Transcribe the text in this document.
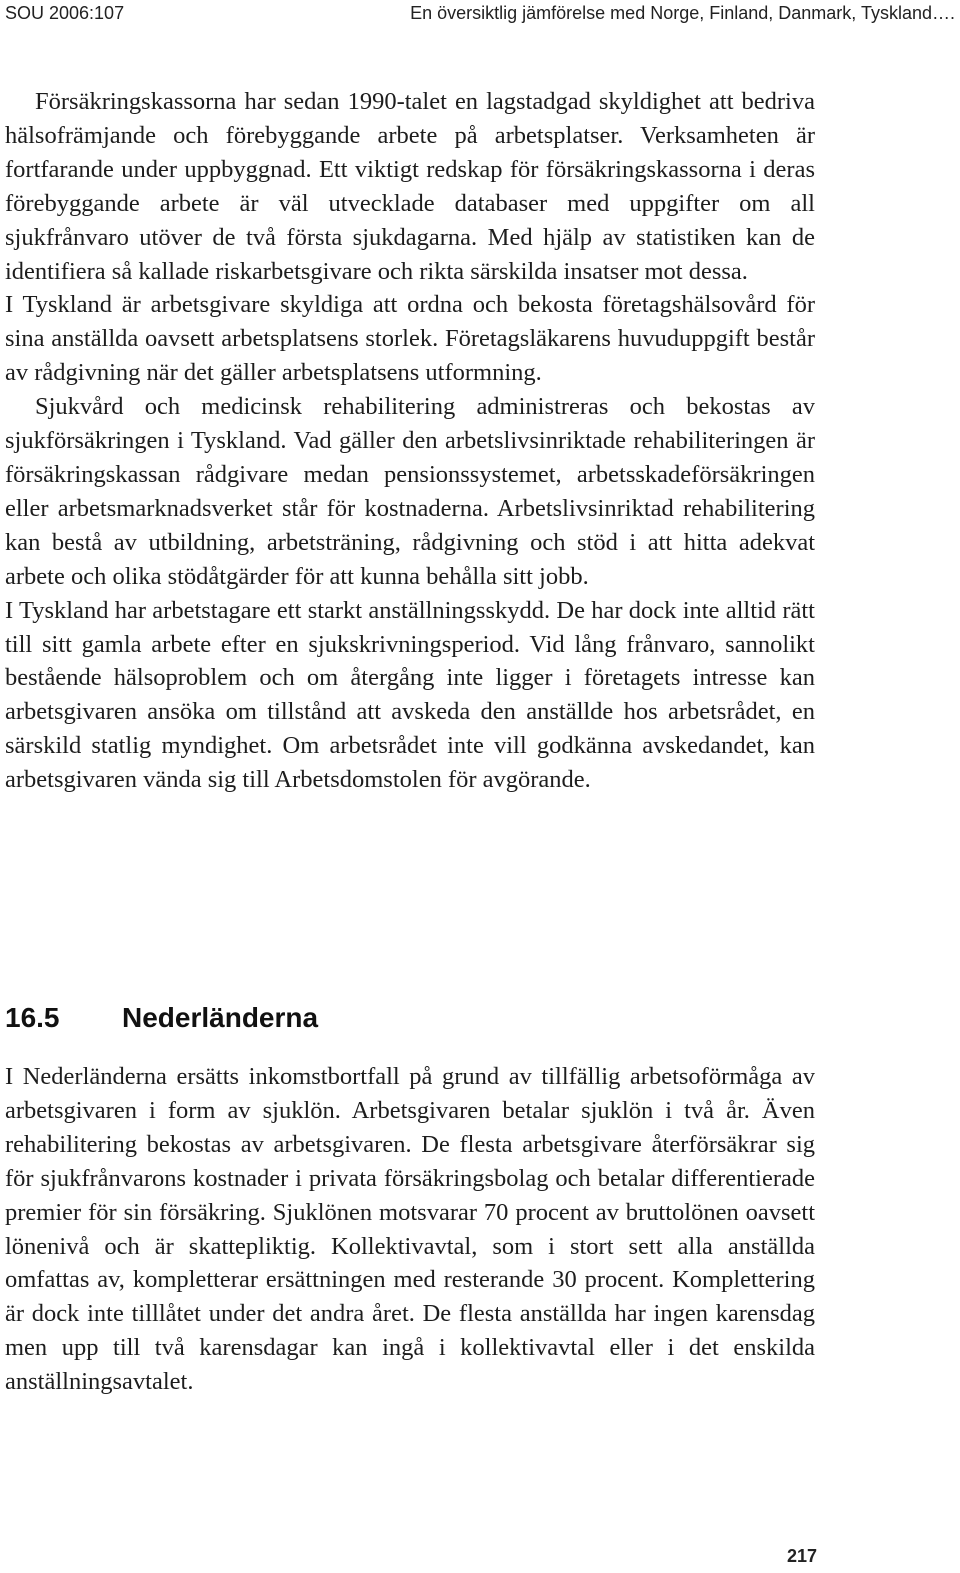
SOU 2006:107	En översiktlig jämförelse med Norge, Finland, Danmark, Tyskland….

Försäkringskassorna har sedan 1990-talet en lagstadgad skyldighet att bedriva hälsofrämjande och förebyggande arbete på arbetsplatser. Verksamheten är fortfarande under uppbyggnad. Ett viktigt redskap för försäkringskassorna i deras förebyggande arbete är väl utvecklade databaser med uppgifter om all sjukfrånvaro utöver de två första sjukdagarna. Med hjälp av statistiken kan de identifiera så kallade riskarbetsgivare och rikta särskilda insatser mot dessa.

I Tyskland är arbetsgivare skyldiga att ordna och bekosta företagshälsovård för sina anställda oavsett arbetsplatsens storlek. Företagsläkarens huvuduppgift består av rådgivning när det gäller arbetsplatsens utformning.

Sjukvård och medicinsk rehabilitering administreras och bekostas av sjukförsäkringen i Tyskland. Vad gäller den arbetslivsinriktade rehabiliteringen är försäkringskassan rådgivare medan pensionssystemet, arbetsskadeförsäkringen eller arbetsmarknadsverket står för kostnaderna. Arbetslivsinriktad rehabilitering kan bestå av utbildning, arbetsträning, rådgivning och stöd i att hitta adekvat arbete och olika stödåtgärder för att kunna behålla sitt jobb.

I Tyskland har arbetstagare ett starkt anställningsskydd. De har dock inte alltid rätt till sitt gamla arbete efter en sjukskrivningsperiod. Vid lång frånvaro, sannolikt bestående hälsoproblem och om återgång inte ligger i företagets intresse kan arbetsgivaren ansöka om tillstånd att avskeda den anställde hos arbetsrådet, en särskild statlig myndighet. Om arbetsrådet inte vill godkänna avskedandet, kan arbetsgivaren vända sig till Arbetsdomstolen för avgörande.

16.5 Nederländerna

I Nederländerna ersätts inkomstbortfall på grund av tillfällig arbetsoförmåga av arbetsgivaren i form av sjuklön. Arbetsgivaren betalar sjuklön i två år. Även rehabilitering bekostas av arbetsgivaren. De flesta arbetsgivare återförsäkrar sig för sjukfrånvarons kostnader i privata försäkringsbolag och betalar differentierade premier för sin försäkring. Sjuklönen motsvarar 70 procent av bruttolönen oavsett lönenivå och är skattepliktig. Kollektivavtal, som i stort sett alla anställda omfattas av, kompletterar ersättningen med resterande 30 procent. Komplettering är dock inte tilllåtet under det andra året. De flesta anställda har ingen karensdag men upp till två karensdagar kan ingå i kollektivavtal eller i det enskilda anställningsavtalet.

217
